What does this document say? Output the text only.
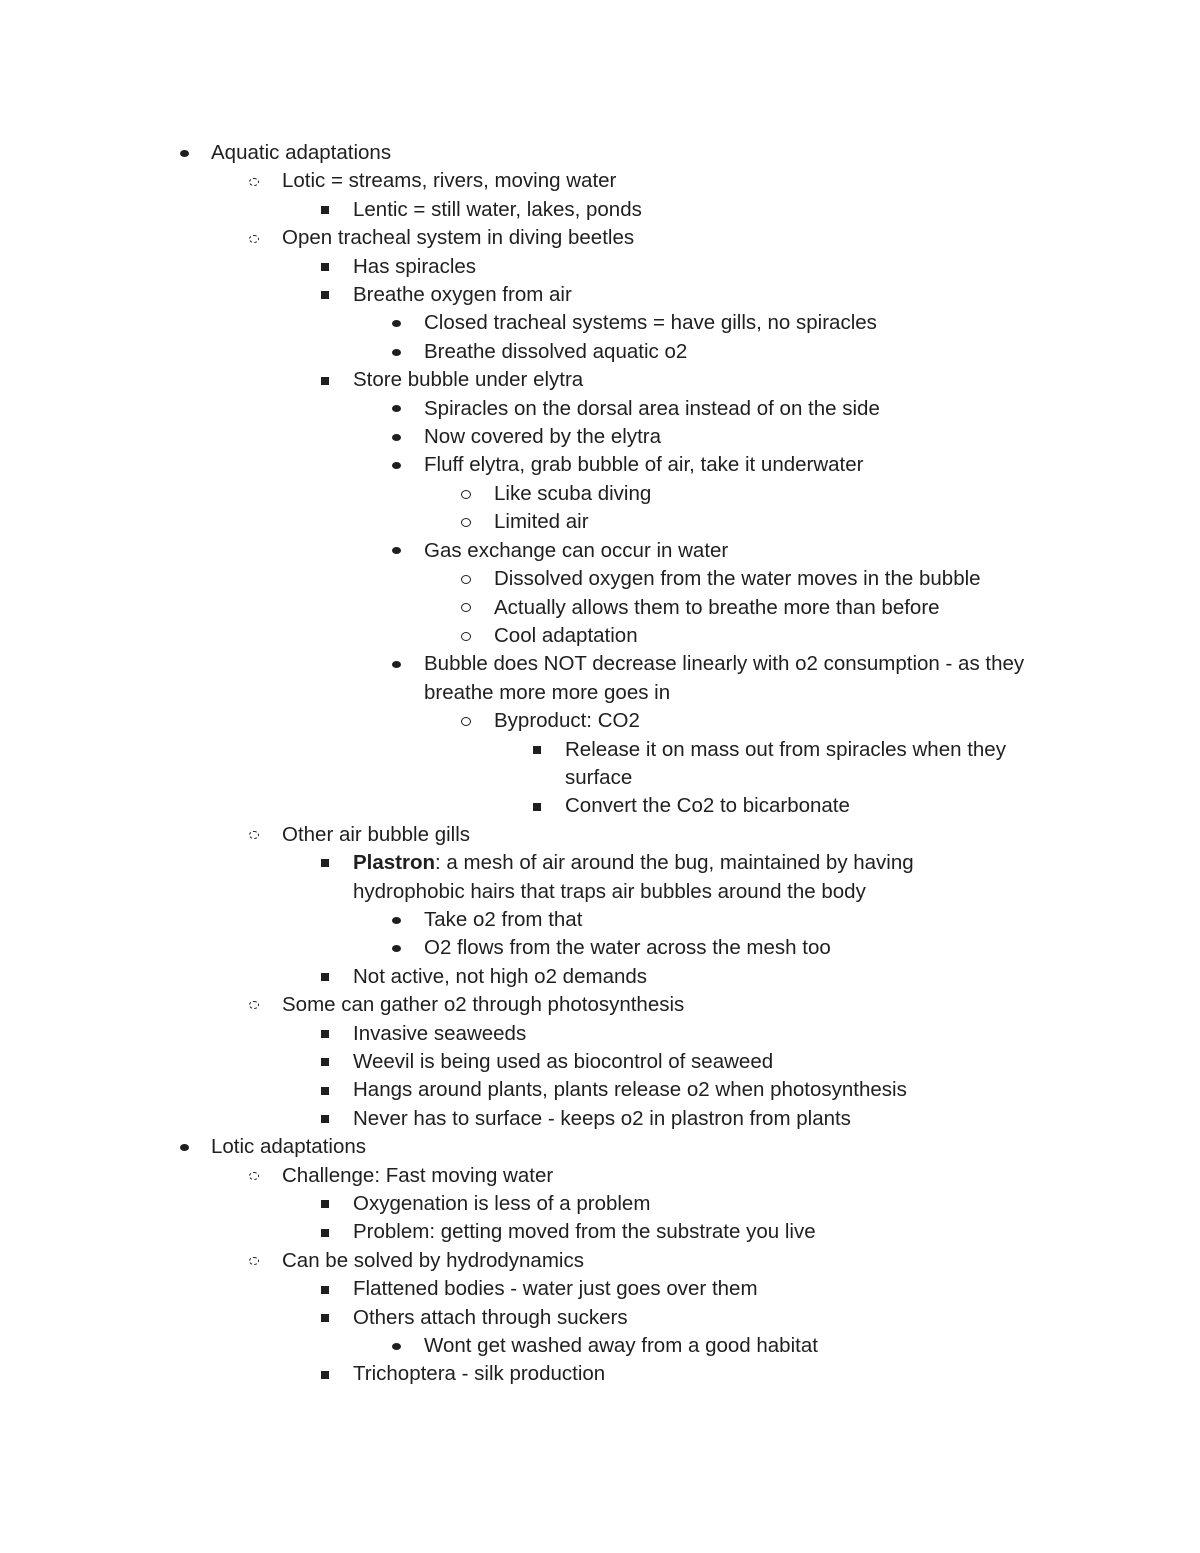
Aquatic adaptations
Lotic = streams, rivers, moving water
Lentic = still water, lakes, ponds
Open tracheal system in diving beetles
Has spiracles
Breathe oxygen from air
Closed tracheal systems = have gills, no spiracles
Breathe dissolved aquatic o2
Store bubble under elytra
Spiracles on the dorsal area instead of on the side
Now covered by the elytra
Fluff elytra, grab bubble of air, take it underwater
Like scuba diving
Limited air
Gas exchange can occur in water
Dissolved oxygen from the water moves in the bubble
Actually allows them to breathe more than before
Cool adaptation
Bubble does NOT decrease linearly with o2 consumption - as they
breathe more more goes in
Byproduct: CO2
Release it on mass out from spiracles when they
surface
Convert the Co2 to bicarbonate
Other air bubble gills
Plastron: a mesh of air around the bug, maintained by having
hydrophobic hairs that traps air bubbles around the body
Take o2 from that
O2 flows from the water across the mesh too
Not active, not high o2 demands
Some can gather o2 through photosynthesis
Invasive seaweeds
Weevil is being used as biocontrol of seaweed
Hangs around plants, plants release o2 when photosynthesis
Never has to surface - keeps o2 in plastron from plants
Lotic adaptations
Challenge: Fast moving water
Oxygenation is less of a problem
Problem: getting moved from the substrate you live
Can be solved by hydrodynamics
Flattened bodies - water just goes over them
Others attach through suckers
Wont get washed away from a good habitat
Trichoptera - silk production
